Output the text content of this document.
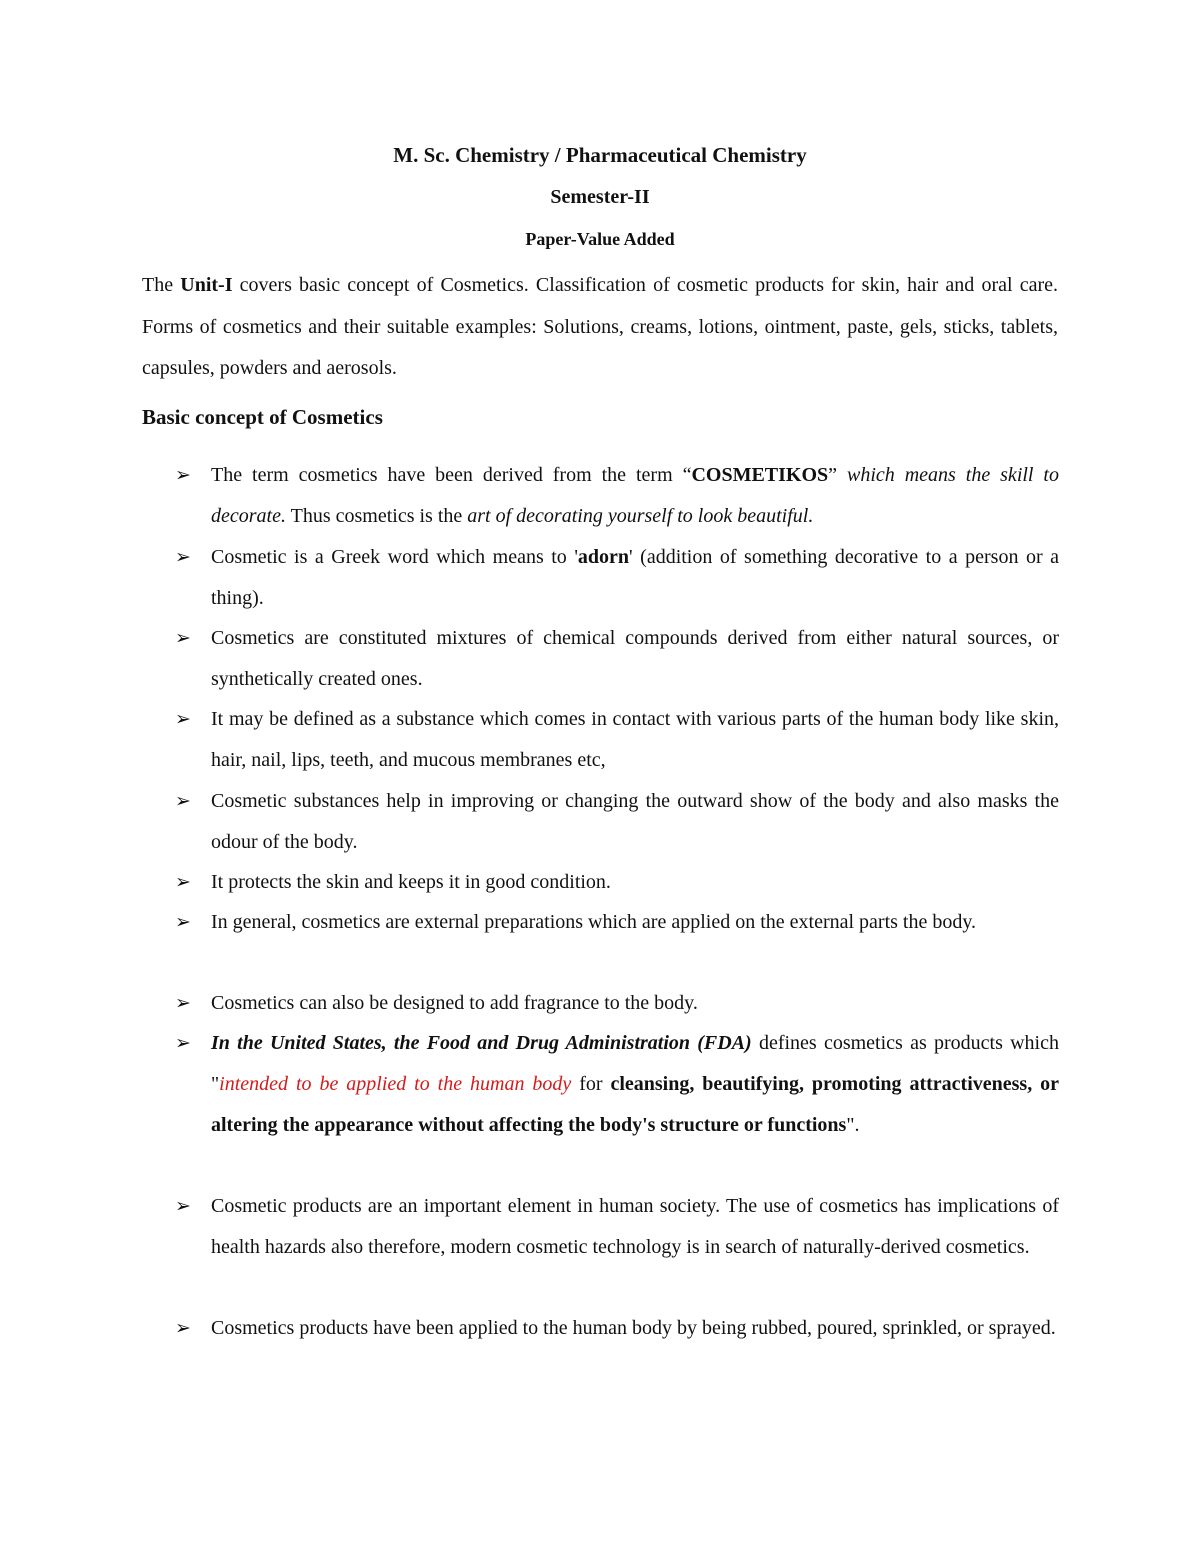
M. Sc. Chemistry / Pharmaceutical Chemistry
Semester-II
Paper-Value Added
The Unit-I covers basic concept of Cosmetics. Classification of cosmetic products for skin, hair and oral care. Forms of cosmetics and their suitable examples: Solutions, creams, lotions, ointment, paste, gels, sticks, tablets, capsules, powders and aerosols.
Basic concept of Cosmetics
➢ The term cosmetics have been derived from the term “COSMETIKOS” which means the skill to decorate. Thus cosmetics is the art of decorating yourself to look beautiful.
➢ Cosmetic is a Greek word which means to 'adorn' (addition of something decorative to a person or a thing).
➢ Cosmetics are constituted mixtures of chemical compounds derived from either natural sources, or synthetically created ones.
➢ It may be defined as a substance which comes in contact with various parts of the human body like skin, hair, nail, lips, teeth, and mucous membranes etc,
➢ Cosmetic substances help in improving or changing the outward show of the body and also masks the odour of the body.
➢ It protects the skin and keeps it in good condition.
➢ In general, cosmetics are external preparations which are applied on the external parts the body.
➢ Cosmetics can also be designed to add fragrance to the body.
➢ In the United States, the Food and Drug Administration (FDA) defines cosmetics as products which "intended to be applied to the human body for cleansing, beautifying, promoting attractiveness, or altering the appearance without affecting the body's structure or functions".
➢ Cosmetic products are an important element in human society. The use of cosmetics has implications of health hazards also therefore, modern cosmetic technology is in search of naturally-derived cosmetics.
➢ Cosmetics products have been applied to the human body by being rubbed, poured, sprinkled, or sprayed.
